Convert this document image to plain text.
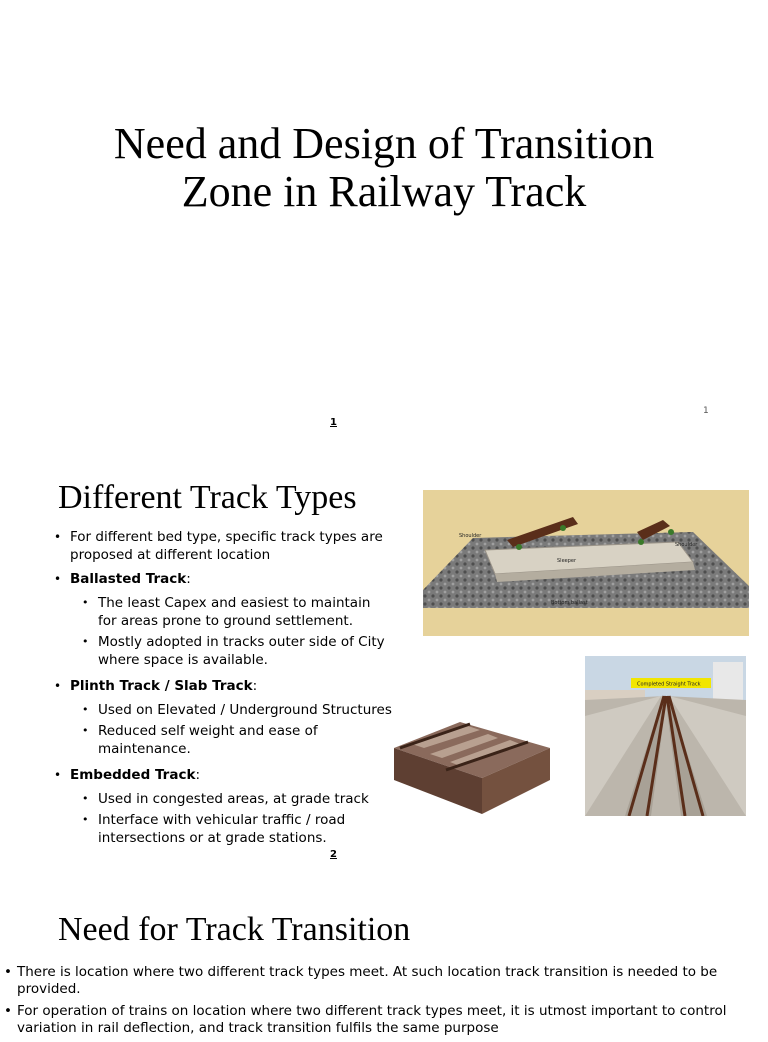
Need and Design of Transition
Zone in Railway Track
1
1
Different Track Types
• For different bed type, specific track types are proposed at different location
• Ballasted Track:
• The least Capex and easiest to maintain for areas prone to ground settlement.
• Mostly adopted in tracks outer side of City where space is available.
• Plinth Track / Slab Track:
• Used on Elevated / Underground Structures
• Reduced self weight and ease of maintenance.
• Embedded Track:
• Used in congested areas, at grade track
• Interface with vehicular traffic / road intersections or at grade stations.
Shoulder
Shoulder
Sleeper
Bottom ballast
Completed Straight Track
2
Need for Track Transition
• There is location where two different track types meet. At such location track transition is needed to be provided.
• For operation of trains on location where two different track types meet, it is utmost important to control variation in rail deflection, and track transition fulfils the same purpose
